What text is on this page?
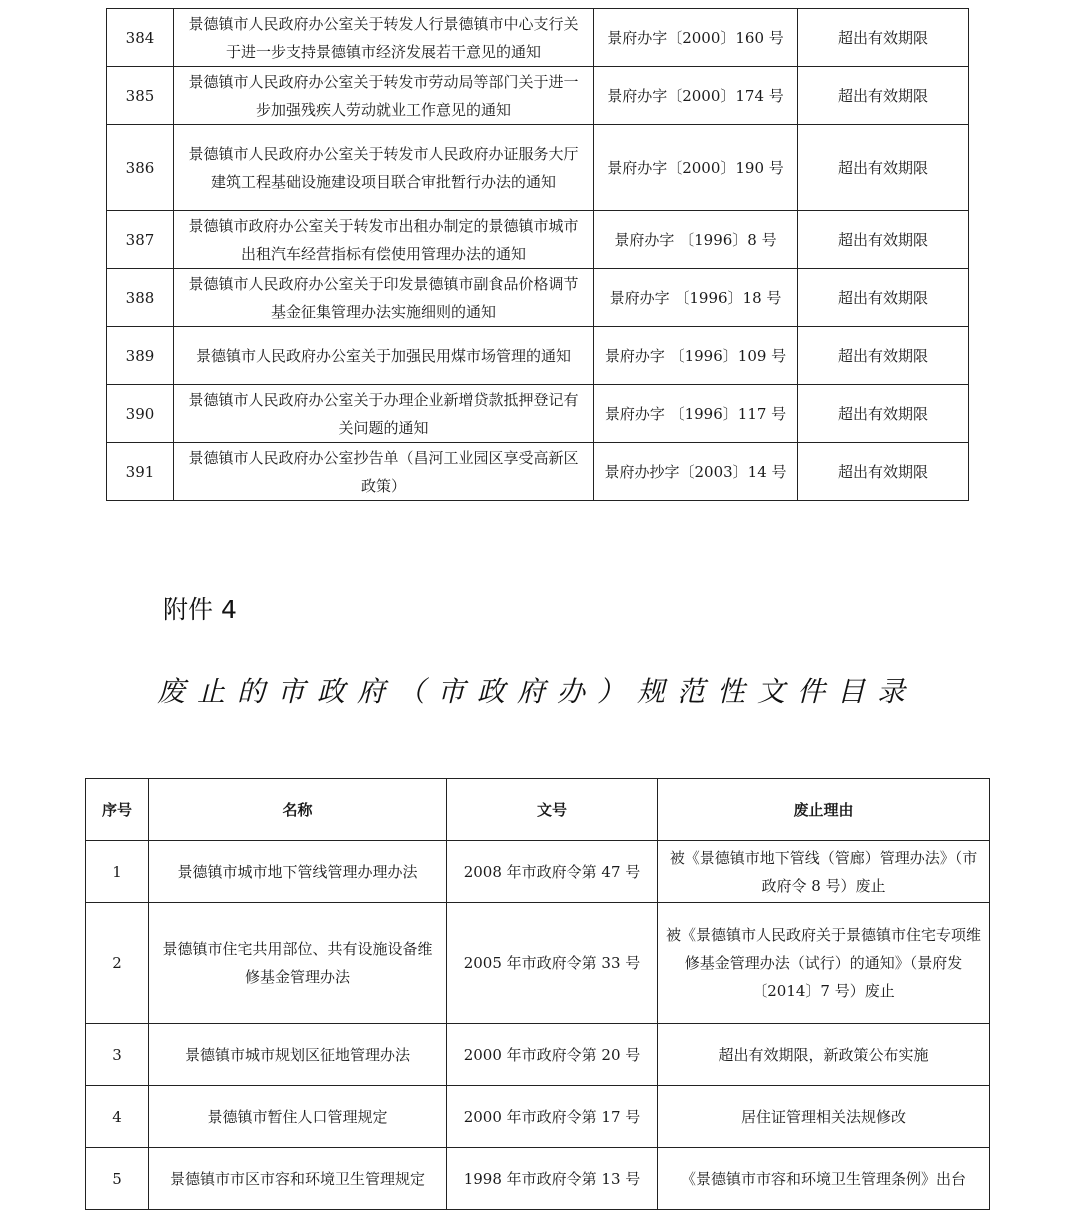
384	景德镇市人民政府办公室关于转发人行景德镇市中心支行关于进一步支持景德镇市经济发展若干意见的通知	景府办字〔2000〕160 号	超出有效期限
385	景德镇市人民政府办公室关于转发市劳动局等部门关于进一步加强残疾人劳动就业工作意见的通知	景府办字〔2000〕174 号	超出有效期限
386	景德镇市人民政府办公室关于转发市人民政府办证服务大厅建筑工程基础设施建设项目联合审批暂行办法的通知	景府办字〔2000〕190 号	超出有效期限
387	景德镇市政府办公室关于转发市出租办制定的景德镇市城市出租汽车经营指标有偿使用管理办法的通知	景府办字 〔1996〕8 号	超出有效期限
388	景德镇市人民政府办公室关于印发景德镇市副食品价格调节基金征集管理办法实施细则的通知	景府办字 〔1996〕18 号	超出有效期限
389	景德镇市人民政府办公室关于加强民用煤市场管理的通知	景府办字 〔1996〕109 号	超出有效期限
390	景德镇市人民政府办公室关于办理企业新增贷款抵押登记有关问题的通知	景府办字 〔1996〕117 号	超出有效期限
391	景德镇市人民政府办公室抄告单（昌河工业园区享受高新区政策）	景府办抄字〔2003〕14 号	超出有效期限
附件 4
废止的市政府（市政府办）规范性文件目录
序号	名称	文号	废止理由
1	景德镇市城市地下管线管理办理办法	2008 年市政府令第 47 号	被《景德镇市地下管线（管廊）管理办法》（市政府令 8 号）废止
2	景德镇市住宅共用部位、共有设施设备维修基金管理办法	2005 年市政府令第 33 号	被《景德镇市人民政府关于景德镇市住宅专项维修基金管理办法（试行）的通知》（景府发〔2014〕7 号）废止
3	景德镇市城市规划区征地管理办法	2000 年市政府令第 20 号	超出有效期限，新政策公布实施
4	景德镇市暂住人口管理规定	2000 年市政府令第 17 号	居住证管理相关法规修改
5	景德镇市市区市容和环境卫生管理规定	1998 年市政府令第 13 号	《景德镇市市容和环境卫生管理条例》出台
